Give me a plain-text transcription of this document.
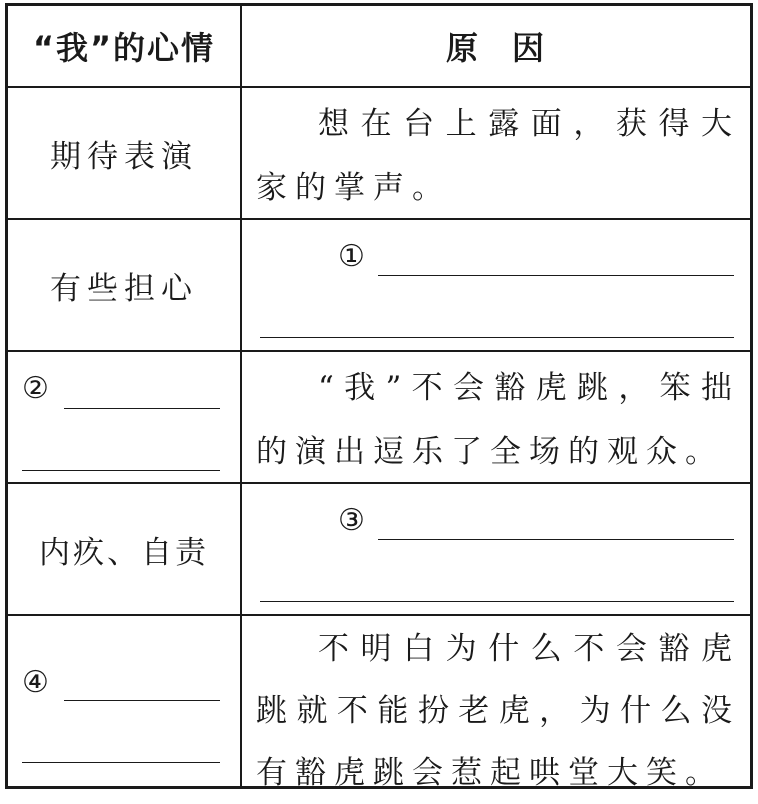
“我”的心情	原 因
期待表演
想在台上露面，获得大家的掌声。
有些担心
①
②	“我”不会豁虎跳，笨拙的演出逗乐了全场的观众。
内疚、自责
③
④
不明白为什么不会豁虎跳就不能扮老虎，为什么没有豁虎跳会惹起哄堂大笑。
